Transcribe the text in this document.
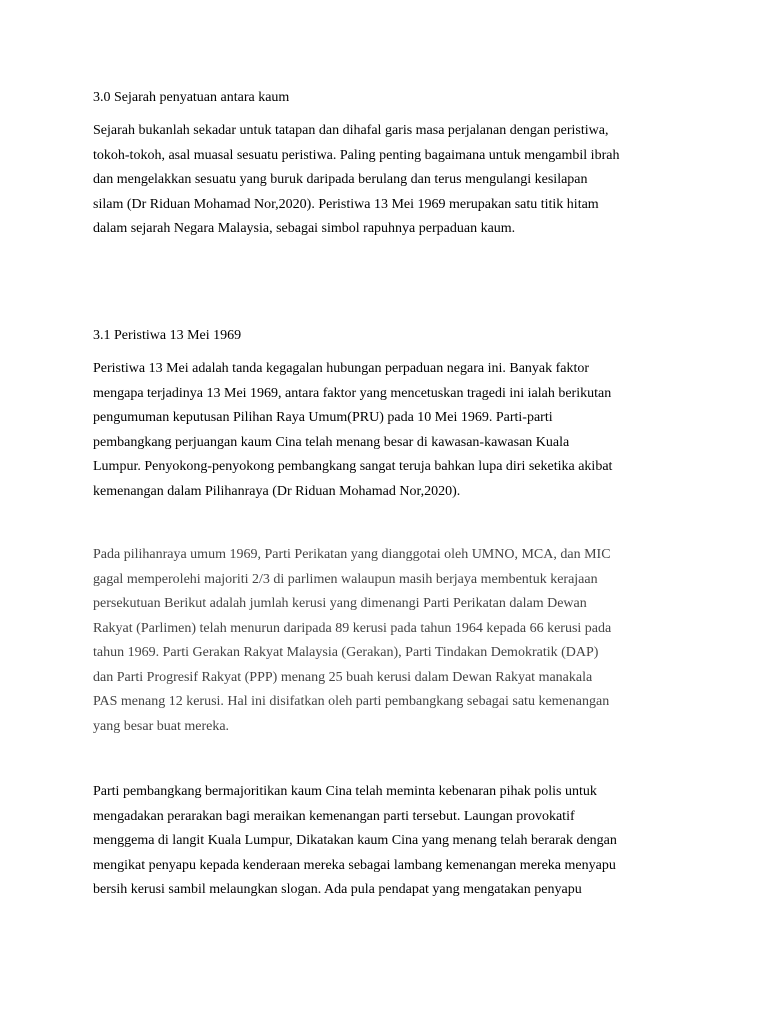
3.0 Sejarah penyatuan antara kaum

Sejarah bukanlah sekadar untuk tatapan dan dihafal garis masa perjalanan dengan peristiwa,
tokoh-tokoh, asal muasal sesuatu peristiwa. Paling penting bagaimana untuk mengambil ibrah
dan mengelakkan sesuatu yang buruk daripada berulang dan terus mengulangi kesilapan
silam (Dr Riduan Mohamad Nor,2020). Peristiwa 13 Mei 1969 merupakan satu titik hitam
dalam sejarah Negara Malaysia, sebagai simbol rapuhnya perpaduan kaum.

3.1 Peristiwa 13 Mei 1969

Peristiwa 13 Mei adalah tanda kegagalan hubungan perpaduan negara ini. Banyak faktor
mengapa terjadinya 13 Mei 1969, antara faktor yang mencetuskan tragedi ini ialah berikutan
pengumuman keputusan Pilihan Raya Umum(PRU) pada 10 Mei 1969. Parti-parti
pembangkang perjuangan kaum Cina telah menang besar di kawasan-kawasan Kuala
Lumpur. Penyokong-penyokong pembangkang sangat teruja bahkan lupa diri seketika akibat
kemenangan dalam Pilihanraya (Dr Riduan Mohamad Nor,2020).

Pada pilihanraya umum 1969, Parti Perikatan yang dianggotai oleh UMNO, MCA, dan MIC
gagal memperolehi majoriti 2/3 di parlimen walaupun masih berjaya membentuk kerajaan
persekutuan Berikut adalah jumlah kerusi yang dimenangi Parti Perikatan dalam Dewan
Rakyat (Parlimen) telah menurun daripada 89 kerusi pada tahun 1964 kepada 66 kerusi pada
tahun 1969. Parti Gerakan Rakyat Malaysia (Gerakan), Parti Tindakan Demokratik (DAP)
dan Parti Progresif Rakyat (PPP) menang 25 buah kerusi dalam Dewan Rakyat manakala
PAS menang 12 kerusi. Hal ini disifatkan oleh parti pembangkang sebagai satu kemenangan
yang besar buat mereka.

Parti pembangkang bermajoritikan kaum Cina telah meminta kebenaran pihak polis untuk
mengadakan perarakan bagi meraikan kemenangan parti tersebut. Laungan provokatif
menggema di langit Kuala Lumpur, Dikatakan kaum Cina yang menang telah berarak dengan
mengikat penyapu kepada kenderaan mereka sebagai lambang kemenangan mereka menyapu
bersih kerusi sambil melaungkan slogan. Ada pula pendapat yang mengatakan penyapu
